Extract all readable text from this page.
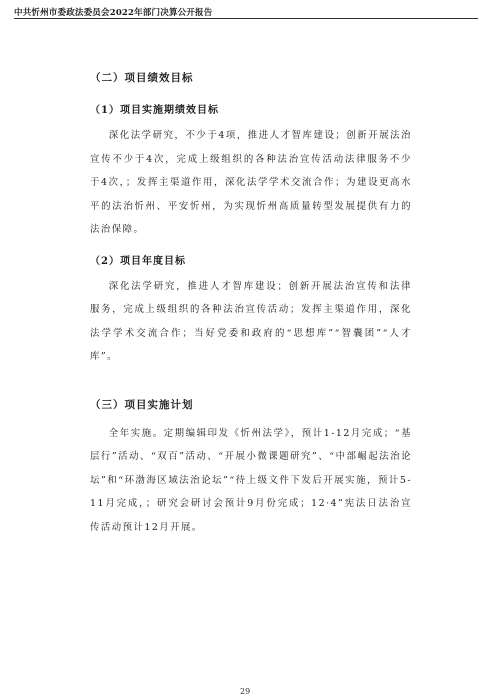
中共忻州市委政法委员会2022年部门决算公开报告
（二）项目绩效目标
（1）项目实施期绩效目标

深化法学研究，不少于4项，推进人才智库建设；创新开展法治宣传不少于4次，完成上级组织的各种法治宣传活动法律服务不少于4次，；发挥主渠道作用，深化法学学术交流合作；为建设更高水平的法治忻州、平安忻州，为实现忻州高质量转型发展提供有力的法治保障。

（2）项目年度目标

深化法学研究，推进人才智库建设；创新开展法治宣传和法律服务，完成上级组织的各种法治宣传活动；发挥主渠道作用，深化法学学术交流合作；当好党委和政府的“思想库”“智囊团”“人才库”。

（三）项目实施计划

全年实施。定期编辑印发《忻州法学》，预计1-12月完成；“基层行”活动、“双百”活动、“开展小微课题研究”、“中部崛起法治论坛”和“环渤海区域法治论坛”“待上级文件下发后开展实施，预计5-11月完成，；研究会研讨会预计9月份完成；12·4”宪法日法治宣传活动预计12月开展。

29
